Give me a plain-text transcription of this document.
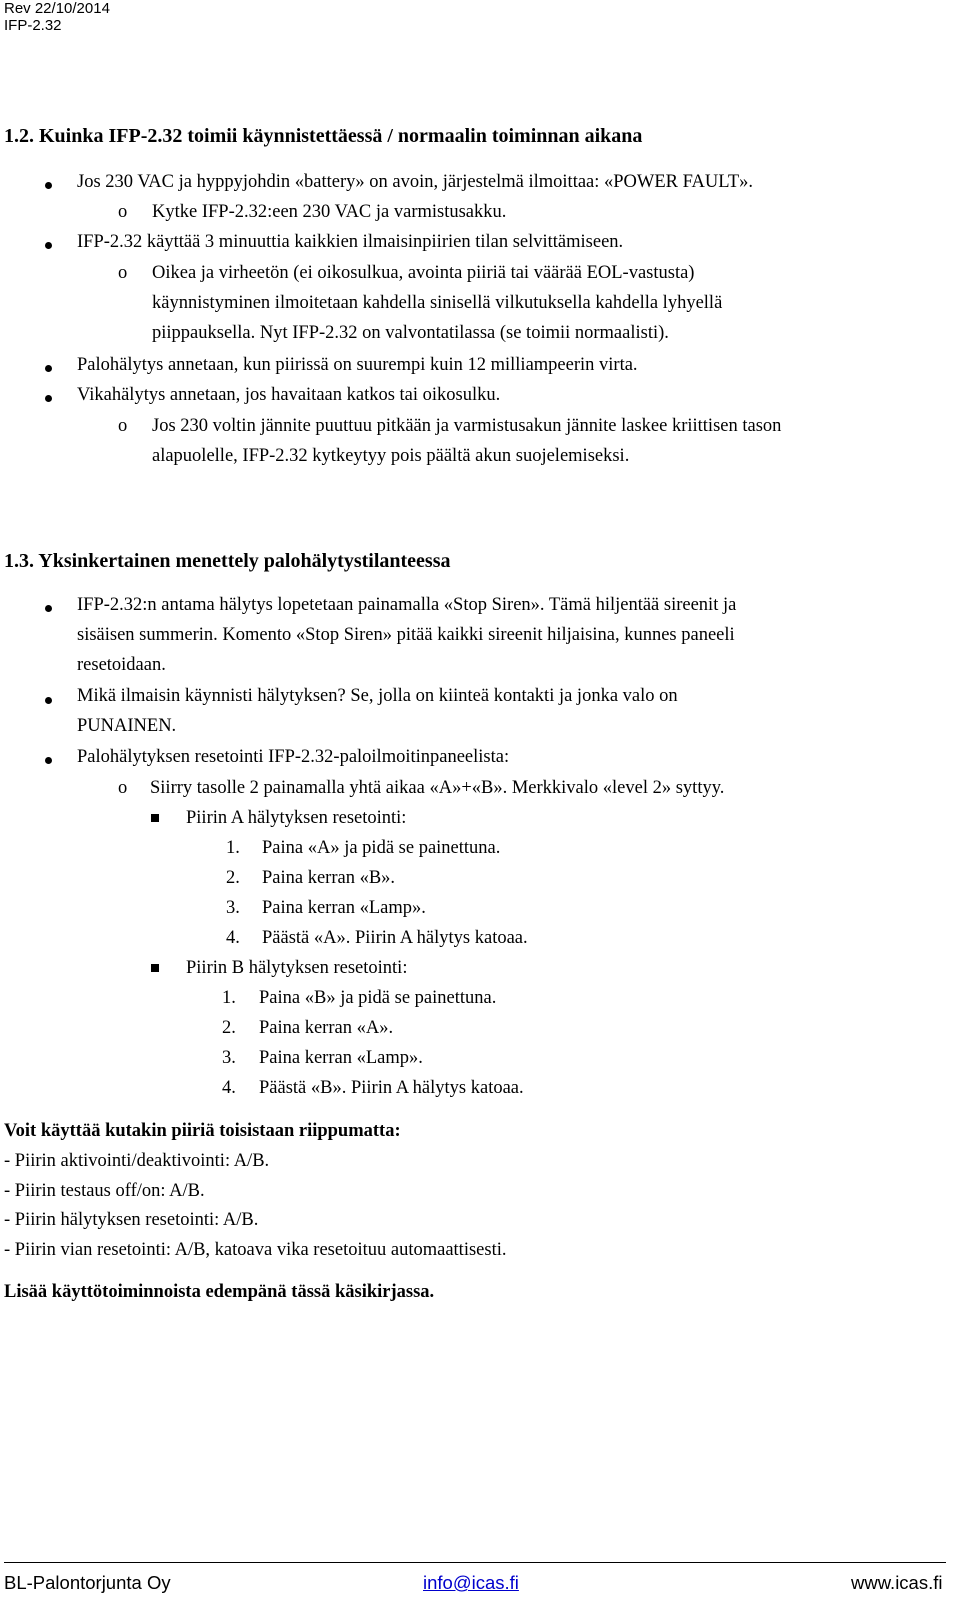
Rev 22/10/2014
IFP-2.32
1.2. Kuinka IFP-2.32 toimii käynnistettäessä / normaalin toiminnan aikana
Jos 230 VAC ja hyppyjohdin «battery» on avoin, järjestelmä ilmoittaa: «POWER FAULT».
o Kytke IFP-2.32:een 230 VAC ja varmistusakku.
IFP-2.32 käyttää 3 minuuttia kaikkien ilmaisinpiirien tilan selvittämiseen.
o Oikea ja virheetön (ei oikosulkua, avointa piiriä tai väärää EOL-vastusta)
käynnistyminen ilmoitetaan kahdella sinisellä vilkutuksella kahdella lyhyellä
piippauksella. Nyt IFP-2.32 on valvontatilassa (se toimii normaalisti).
Palohälytys annetaan, kun piirissä on suurempi kuin 12 milliampeerin virta.
Vikahälytys annetaan, jos havaitaan katkos tai oikosulku.
o Jos 230 voltin jännite puuttuu pitkään ja varmistusakun jännite laskee kriittisen tason
alapuolelle, IFP-2.32 kytkeytyy pois päältä akun suojelemiseksi.
1.3. Yksinkertainen menettely palohälytystilanteessa
IFP-2.32:n antama hälytys lopetetaan painamalla «Stop Siren». Tämä hiljentää sireenit ja
sisäisen summerin. Komento «Stop Siren» pitää kaikki sireenit hiljaisina, kunnes paneeli
resetoidaan.
Mikä ilmaisin käynnisti hälytyksen? Se, jolla on kiinteä kontakti ja jonka valo on
PUNAINEN.
Palohälytyksen resetointi IFP-2.32-paloilmoitinpaneelista:
o Siirry tasolle 2 painamalla yhtä aikaa «A»+«B». Merkkivalo «level 2» syttyy.
Piirin A hälytyksen resetointi:
1. Paina «A» ja pidä se painettuna.
2. Paina kerran «B».
3. Paina kerran «Lamp».
4. Päästä «A». Piirin A hälytys katoaa.
Piirin B hälytyksen resetointi:
1. Paina «B» ja pidä se painettuna.
2. Paina kerran «A».
3. Paina kerran «Lamp».
4. Päästä «B». Piirin A hälytys katoaa.
Voit käyttää kutakin piiriä toisistaan riippumatta:
- Piirin aktivointi/deaktivointi: A/B.
- Piirin testaus off/on: A/B.
- Piirin hälytyksen resetointi: A/B.
- Piirin vian resetointi: A/B, katoava vika resetoituu automaattisesti.
Lisää käyttötoiminnoista edempänä tässä käsikirjassa.
BL-Palontorjunta Oy	info@icas.fi	www.icas.fi
